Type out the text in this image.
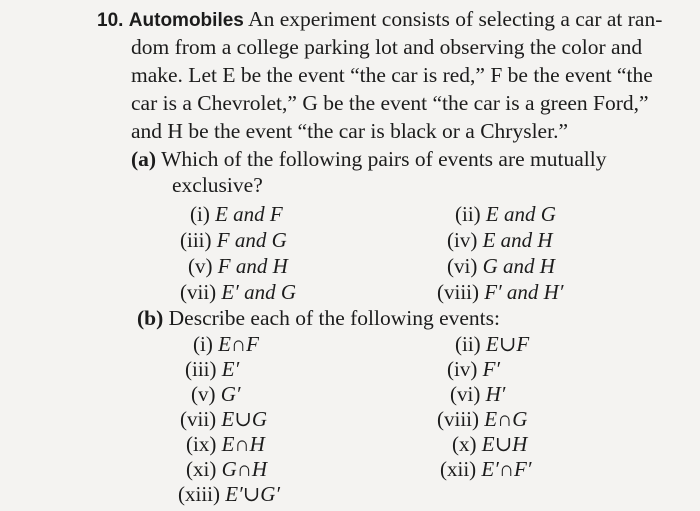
10. Automobiles An experiment consists of selecting a car at ran-
dom from a college parking lot and observing the color and
make. Let E be the event “the car is red,” F be the event “the
car is a Chevrolet,” G be the event “the car is a green Ford,”
and H be the event “the car is black or a Chrysler.”
(a) Which of the following pairs of events are mutually
exclusive?
(i) E and F	(ii) E and G
(iii) F and G	(iv) E and H
(v) F and H	(vi) G and H
(vii) E′ and G	(viii) F′ and H′
(b) Describe each of the following events:
(i) E∩F	(ii) E∪F
(iii) E′	(iv) F′
(v) G′	(vi) H′
(vii) E∪G	(viii) E∩G
(ix) E∩H	(x) E∪H
(xi) G∩H	(xii) E′∩F′
(xiii) E′∪G′
